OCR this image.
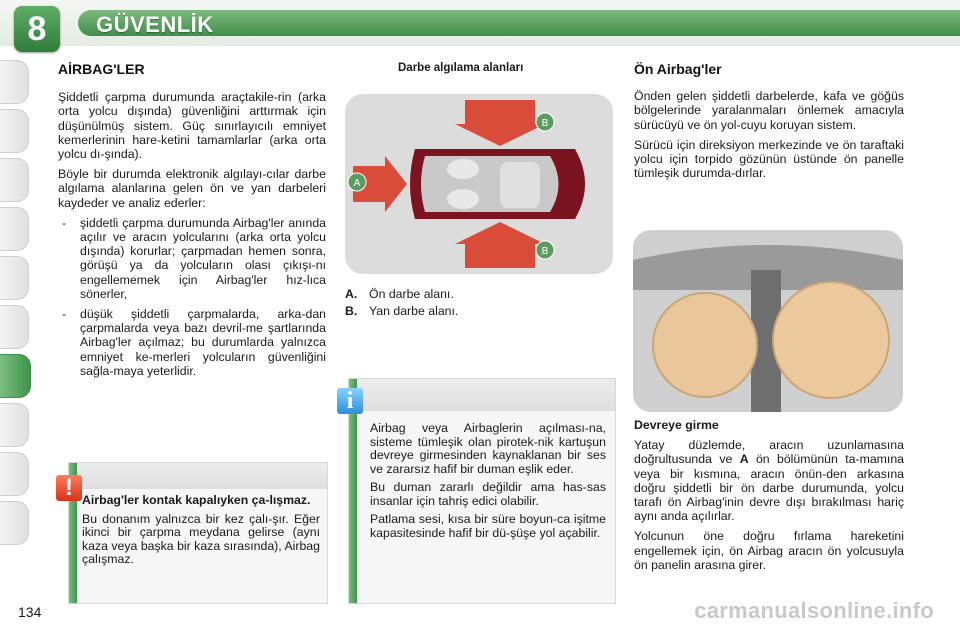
8	GÜVENLİK
AİRBAG'LER

Şiddetli çarpma durumunda araçtakile-rin (arka orta yolcu dışında) güvenliğini arttırmak için düşünülmüş sistem. Güç sınırlayıcılı emniyet kemerlerinin hare-ketini tamamlarlar (arka orta yolcu dı-şında).

Böyle bir durumda elektronik algılayı-cılar darbe algılama alanlarına gelen ön ve yan darbeleri kaydeder ve analiz ederler:

- şiddetli çarpma durumunda Airbag'ler anında açılır ve aracın yolcularını (arka orta yolcu dışında) korurlar; çarpmadan hemen sonra, görüşü ya da yolcuların olası çıkışı-nı engellememek için Airbag'ler hız-lıca sönerler,
- düşük şiddetli çarpmalarda, arka-dan çarpmalarda veya bazı devril-me şartlarında Airbag'ler açılmaz; bu durumlarda yalnızca emniyet ke-merleri yolcuların güvenliğini sağla-maya yeterlidir.
! Airbag'ler kontak kapalıyken ça-lışmaz.

Bu donanım yalnızca bir kez çalı-şır. Eğer ikinci bir çarpma meydana gelirse (aynı kaza veya başka bir kaza sırasında), Airbag çalışmaz.

Darbe algılama alanları
A
B
B
A. Ön darbe alanı.
B. Yan darbe alanı.
i

Airbag veya Airbaglerin açılması-na, sisteme tümleşik olan pirotek-nik kartuşun devreye girmesinden kaynaklanan bir ses ve zararsız hafif bir duman eşlik eder.

Bu duman zararlı değildir ama has-sas insanlar için tahriş edici olabilir.

Patlama sesi, kısa bir süre boyun-ca işitme kapasitesinde hafif bir dü-şüşe yol açabilir.

Ön Airbag'ler

Önden gelen şiddetli darbelerde, kafa ve göğüs bölgelerinde yaralanmaları önlemek amacıyla sürücüyü ve ön yol-cuyu koruyan sistem.

Sürücü için direksiyon merkezinde ve ön taraftaki yolcu için torpido gözünün üstünde ön panelle tümleşik durumda-dırlar.

Devreye girme

Yatay düzlemde, aracın uzunlamasına doğrultusunda ve A ön bölümünün ta-mamına veya bir kısmına, aracın önün-den arkasına doğru şiddetli bir ön darbe durumunda, yolcu tarafı ön Airbag'inin devre dışı bırakılması hariç aynı anda açılırlar.

Yolcunun öne doğru fırlama hareketini engellemek için, ön Airbag aracın ön yolcusuyla ön panelin arasına girer.

134	carmanualsonline.info
